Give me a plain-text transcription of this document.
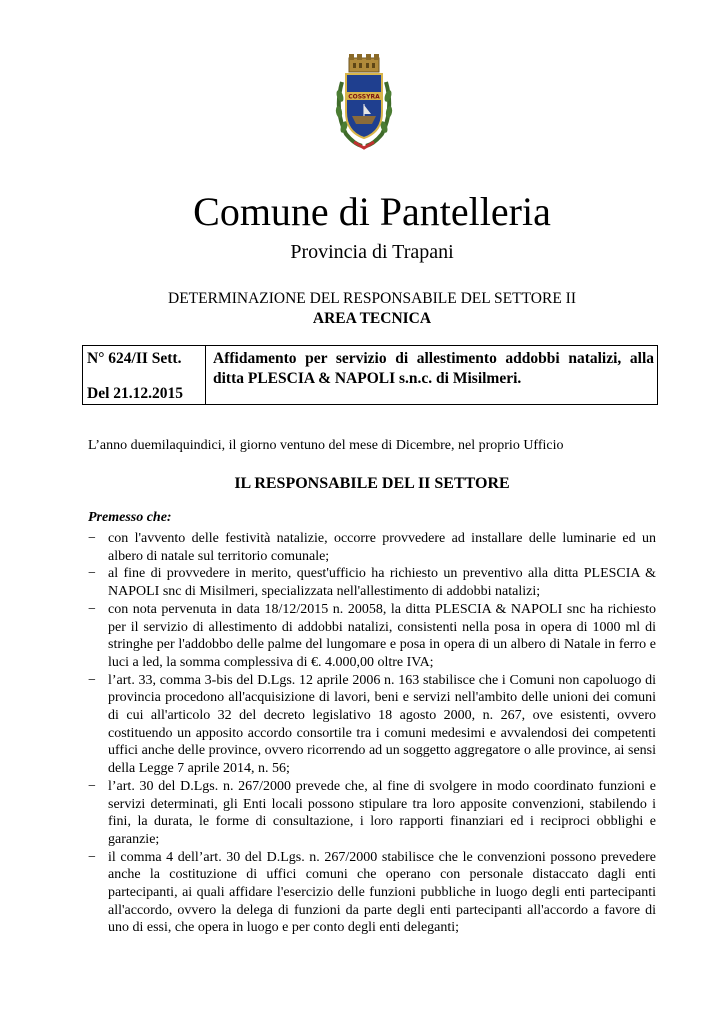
COSSYRA
Comune di Pantelleria
Provincia di Trapani
DETERMINAZIONE DEL RESPONSABILE DEL SETTORE II
AREA TECNICA
N° 624/II Sett.
Del 21.12.2015
Affidamento per servizio di allestimento addobbi natalizi, alla ditta PLESCIA & NAPOLI s.n.c. di Misilmeri.
L’anno duemilaquindici, il giorno ventuno del mese di Dicembre, nel proprio Ufficio
IL RESPONSABILE DEL II SETTORE
Premesso che:
− con l'avvento delle festività natalizie, occorre provvedere ad installare delle luminarie ed un albero di natale sul territorio comunale;
− al fine di provvedere in merito, quest'ufficio ha richiesto un preventivo alla ditta PLESCIA & NAPOLI snc di Misilmeri, specializzata nell'allestimento di addobbi natalizi;
− con nota pervenuta in data 18/12/2015 n. 20058, la ditta PLESCIA & NAPOLI snc ha richiesto per il servizio di allestimento di addobbi natalizi, consistenti nella posa in opera di 1000 ml di stringhe per l'addobbo delle palme del lungomare e posa in opera di un albero di Natale in ferro e luci a led, la somma complessiva di €. 4.000,00 oltre IVA;
− l’art. 33, comma 3-bis del D.Lgs. 12 aprile 2006 n. 163 stabilisce che i Comuni non capoluogo di provincia procedono all'acquisizione di lavori, beni e servizi nell'ambito delle unioni dei comuni di cui all'articolo 32 del decreto legislativo 18 agosto 2000, n. 267, ove esistenti, ovvero costituendo un apposito accordo consortile tra i comuni medesimi e avvalendosi dei competenti uffici anche delle province, ovvero ricorrendo ad un soggetto aggregatore o alle province, ai sensi della Legge 7 aprile 2014, n. 56;
− l’art. 30 del D.Lgs. n. 267/2000 prevede che, al fine di svolgere in modo coordinato funzioni e servizi determinati, gli Enti locali possono stipulare tra loro apposite convenzioni, stabilendo i fini, la durata, le forme di consultazione, i loro rapporti finanziari ed i reciproci obblighi e garanzie;
− il comma 4 dell’art. 30 del D.Lgs. n. 267/2000 stabilisce che le convenzioni possono prevedere anche la costituzione di uffici comuni che operano con personale distaccato dagli enti partecipanti, ai quali affidare l'esercizio delle funzioni pubbliche in luogo degli enti partecipanti all'accordo, ovvero la delega di funzioni da parte degli enti partecipanti all'accordo a favore di uno di essi, che opera in luogo e per conto degli enti deleganti;
